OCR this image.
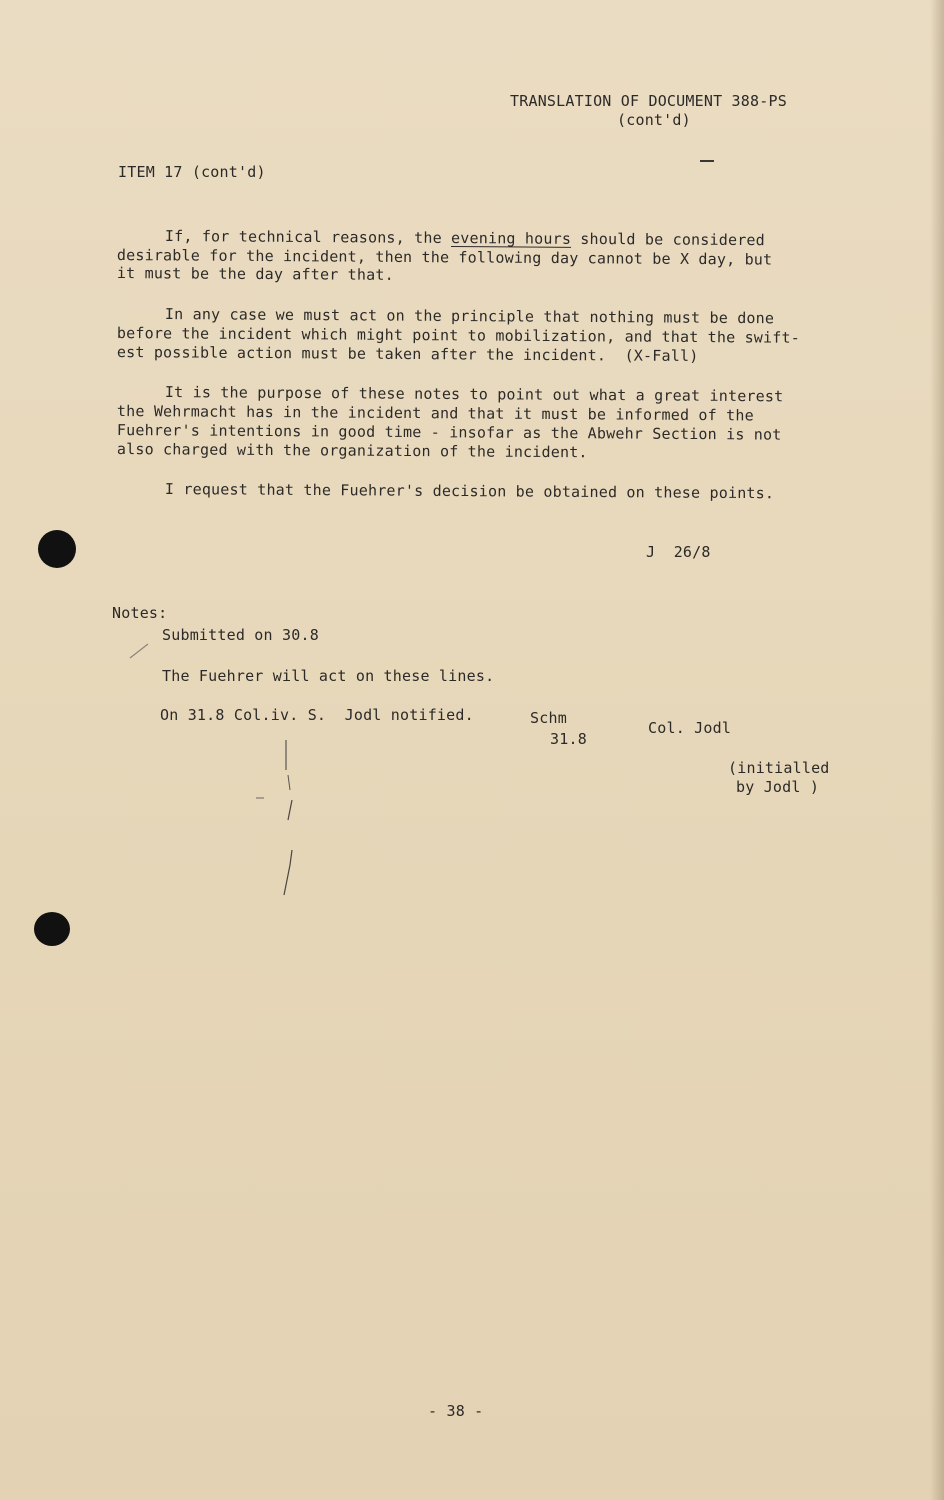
TRANSLATION OF DOCUMENT 388-PS
(cont'd)
ITEM 17 (cont'd)
If, for technical reasons, the evening hours should be considered
desirable for the incident, then the following day cannot be X day, but
it must be the day after that.
In any case we must act on the principle that nothing must be done
before the incident which might point to mobilization, and that the swift-
est possible action must be taken after the incident.  (X-Fall)
It is the purpose of these notes to point out what a great interest
the Wehrmacht has in the incident and that it must be informed of the
Fuehrer's intentions in good time - insofar as the Abwehr Section is not
also charged with the organization of the incident.
I request that the Fuehrer's decision be obtained on these points.
J  26/8
Notes:
Submitted on 30.8
The Fuehrer will act on these lines.
On 31.8 Col.iv. S.  Jodl notified.	Schm
31.8
Col. Jodl
(initialled
by Jodl )
- 38 -
